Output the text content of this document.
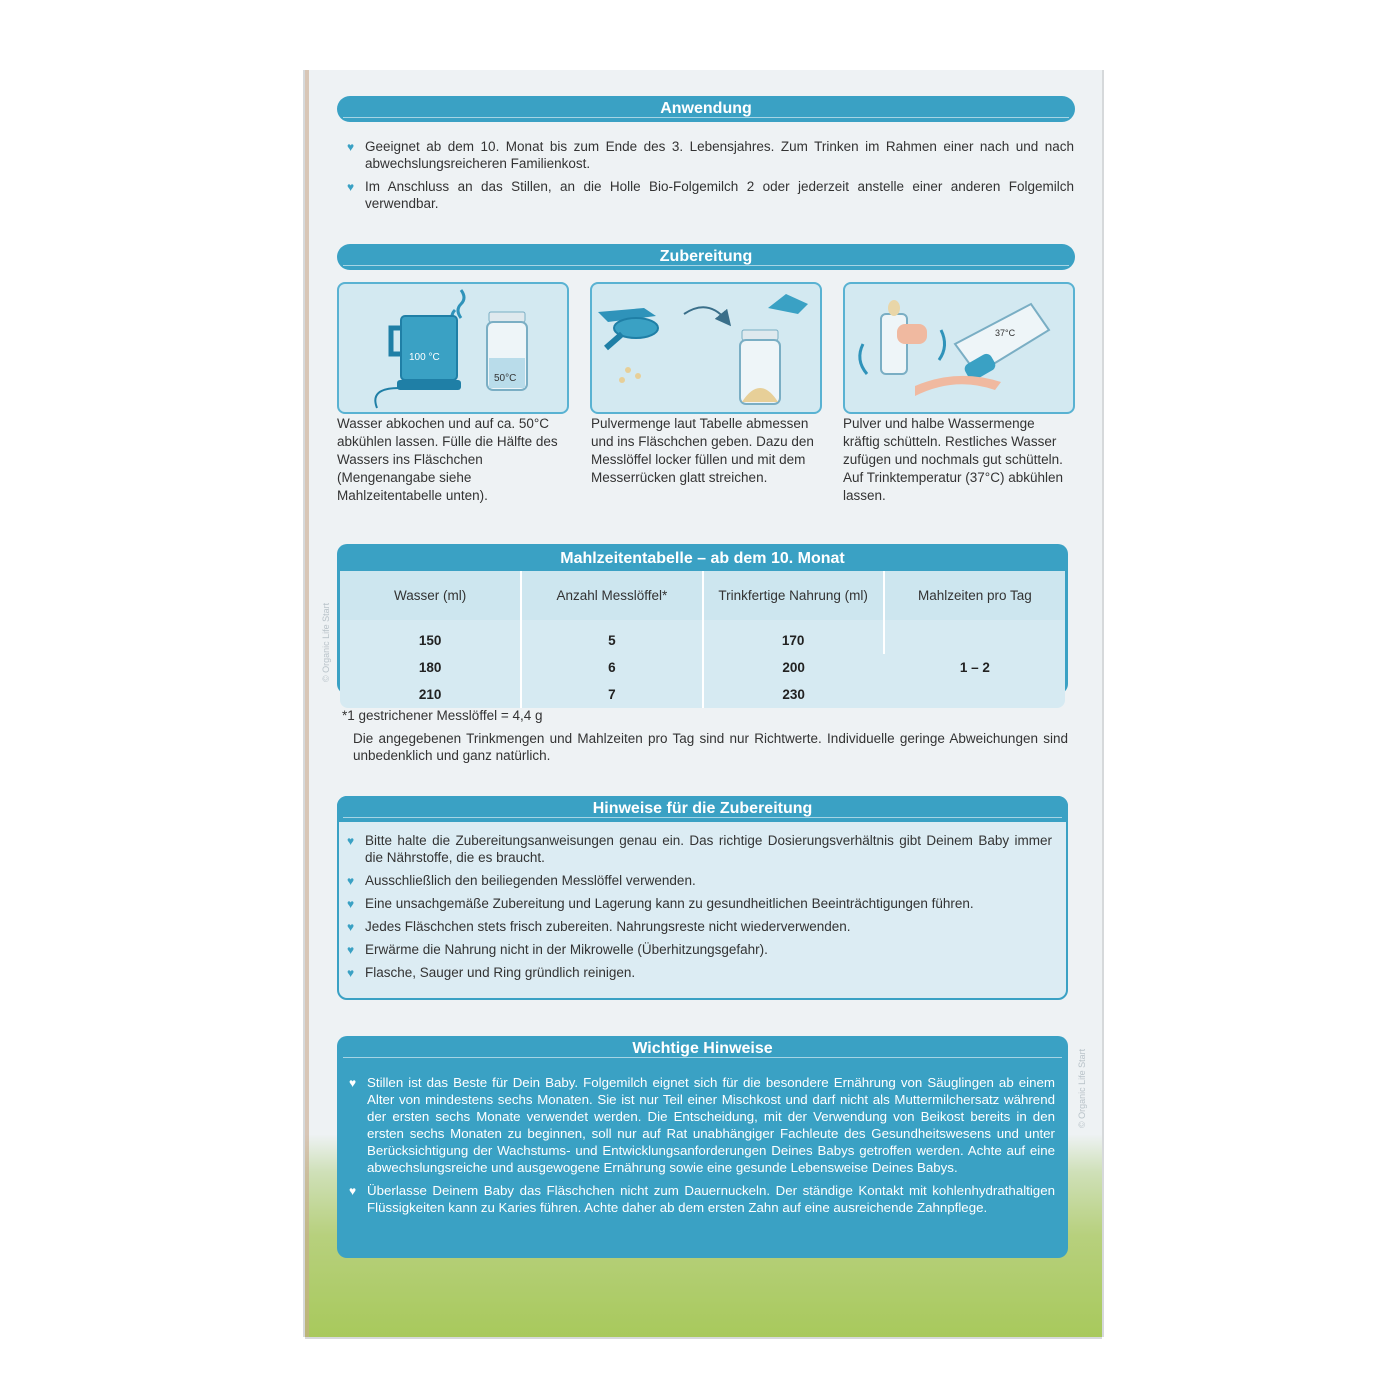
Anwendung
♥ Geeignet ab dem 10. Monat bis zum Ende des 3. Lebensjahres. Zum Trinken im Rahmen einer nach und nach abwechslungsreicheren Familienkost.
♥ Im Anschluss an das Stillen, an die Holle Bio-Folgemilch 2 oder jederzeit anstelle einer anderen Folgemilch verwendbar.
Zubereitung
100 °C
50°C
37°C
Wasser abkochen und auf ca. 50°C abkühlen lassen. Fülle die Hälfte des Wassers ins Fläschchen (Mengenangabe siehe Mahlzeitentabelle unten).
Pulvermenge laut Tabelle abmessen und ins Fläschchen geben. Dazu den Messlöffel locker füllen und mit dem Messerrücken glatt streichen.
Pulver und halbe Wassermenge kräftig schütteln. Restliches Wasser zufügen und nochmals gut schütteln. Auf Trinktemperatur (37°C) abkühlen lassen.
Mahlzeitentabelle – ab dem 10. Monat
Wasser (ml)	Anzahl Messlöffel*	Trinkfertige Nahrung (ml)	Mahlzeiten pro Tag
150	5	170	1 – 2
180	6	200	
210	7	230	
*1 gestrichener Messlöffel = 4,4 g
Die angegebenen Trinkmengen und Mahlzeiten pro Tag sind nur Richtwerte. Individuelle geringe Abweichungen sind unbedenklich und ganz natürlich.
Hinweise für die Zubereitung
♥ Bitte halte die Zubereitungsanweisungen genau ein. Das richtige Dosierungsverhältnis gibt Deinem Baby immer die Nährstoffe, die es braucht.
♥ Ausschließlich den beiliegenden Messlöffel verwenden.
♥ Eine unsachgemäße Zubereitung und Lagerung kann zu gesundheitlichen Beeinträchtigungen führen.
♥ Jedes Fläschchen stets frisch zubereiten. Nahrungsreste nicht wiederverwenden.
♥ Erwärme die Nahrung nicht in der Mikrowelle (Überhitzungsgefahr).
♥ Flasche, Sauger und Ring gründlich reinigen.
Wichtige Hinweise
♥ Stillen ist das Beste für Dein Baby. Folgemilch eignet sich für die besondere Ernährung von Säuglingen ab einem Alter von mindestens sechs Monaten. Sie ist nur Teil einer Mischkost und darf nicht als Muttermilchersatz während der ersten sechs Monate verwendet werden. Die Entscheidung, mit der Verwendung von Beikost bereits in den ersten sechs Monaten zu beginnen, soll nur auf Rat unabhängiger Fachleute des Gesundheitswesens und unter Berücksichtigung der Wachstums- und Entwicklungsanforderungen Deines Babys getroffen werden. Achte auf eine abwechslungsreiche und ausgewogene Ernährung sowie eine gesunde Lebensweise Deines Babys.
♥ Überlasse Deinem Baby das Fläschchen nicht zum Dauernuckeln. Der ständige Kontakt mit kohlenhydrathaltigen Flüssigkeiten kann zu Karies führen. Achte daher ab dem ersten Zahn auf eine ausreichende Zahnpflege.
© Organic Life Start
© Organic Life Start
